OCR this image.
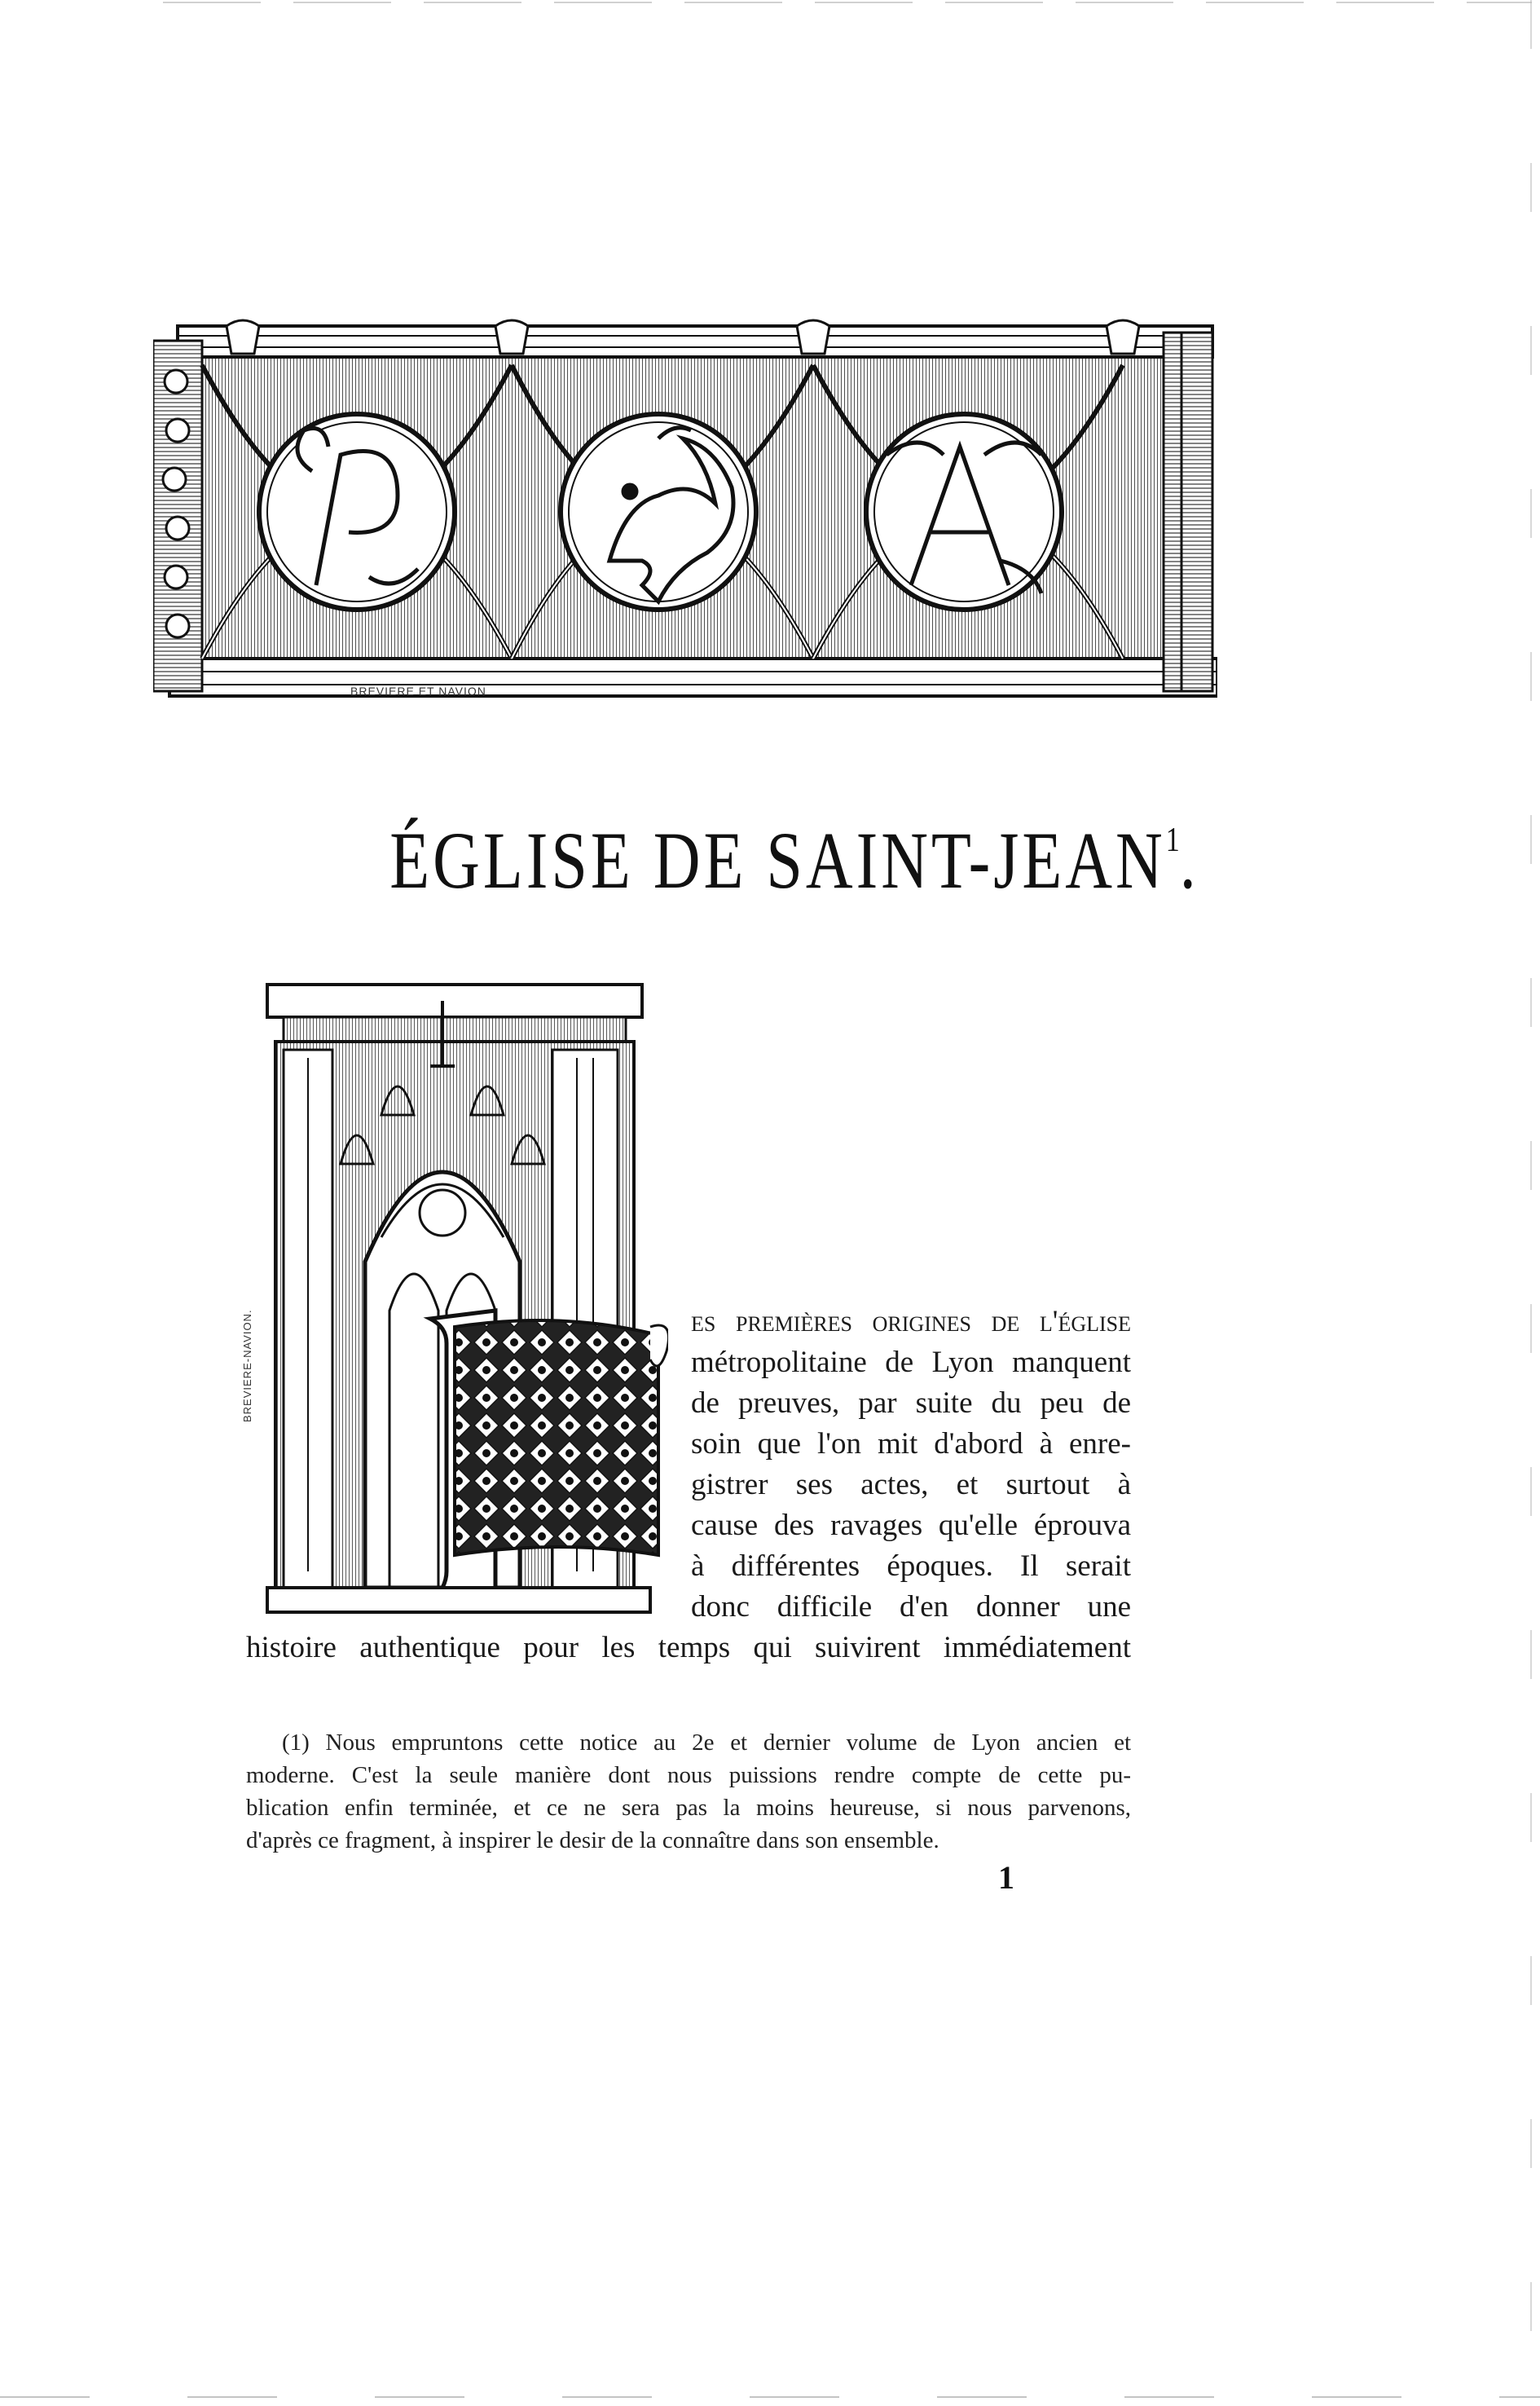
BREVIERE ET NAVION
ÉGLISE DE SAINT-JEAN$^1$.
BREVIERE-NAVION.	es premières origines de l'église
métropolitaine de Lyon manquent
de preuves, par suite du peu de
soin que l'on mit d'abord à enre-
gistrer ses actes, et surtout à
cause des ravages qu'elle éprouva
à différentes époques. Il serait
donc difficile d'en donner une
histoire authentique pour les temps qui suivirent immédiatement
(1) Nous empruntons cette notice au 2e et dernier volume de Lyon ancien et
moderne. C'est la seule manière dont nous puissions rendre compte de cette pu-
blication enfin terminée, et ce ne sera pas la moins heureuse, si nous parvenons,
d'après ce fragment, à inspirer le desir de la connaître dans son ensemble.
1
